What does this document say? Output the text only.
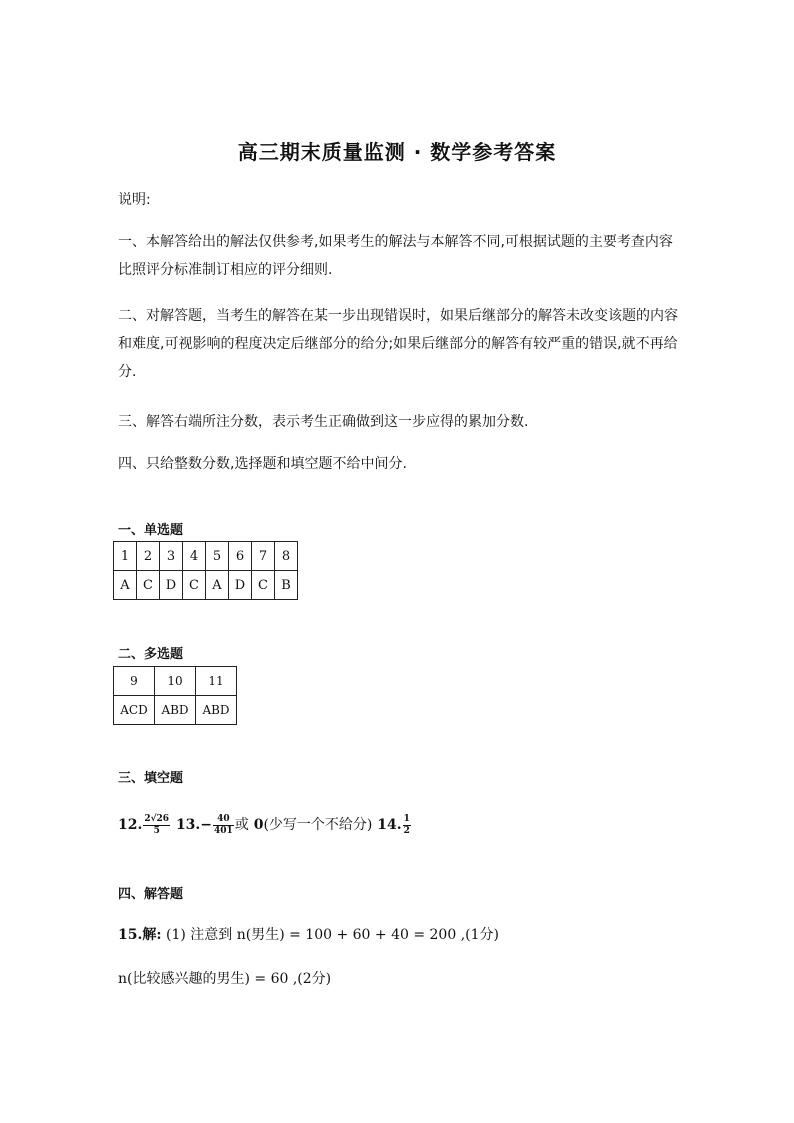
高三期末质量监测 · 数学参考答案

说明:

一、本解答给出的解法仅供参考,如果考生的解法与本解答不同,可根据试题的主要考查内容比照评分标准制订相应的评分细则.

二、对解答题，当考生的解答在某一步出现错误时，如果后继部分的解答未改变该题的内容和难度,可视影响的程度决定后继部分的给分;如果后继部分的解答有较严重的错误,就不再给分.

三、解答右端所注分数，表示考生正确做到这一步应得的累加分数.

四、只给整数分数,选择题和填空题不给中间分.

一、单选题

1	2	3	4	5	6	7	8
A	C	D	C	A	D	C	B

二、多选题

9	10	11
ACD	ABD	ABD

三、填空题

12. $\frac{2√26}{5} 13.- \frac{40}{401}$ 或 0(少写一个不给分) 14. $\frac{1}{2}$

四、解答题

15.解: (1) 注意到 n(男生) = 100 + 60 + 40 = 200 ,(1分)
n(比较感兴趣的男生) = 60 ,(2分)
